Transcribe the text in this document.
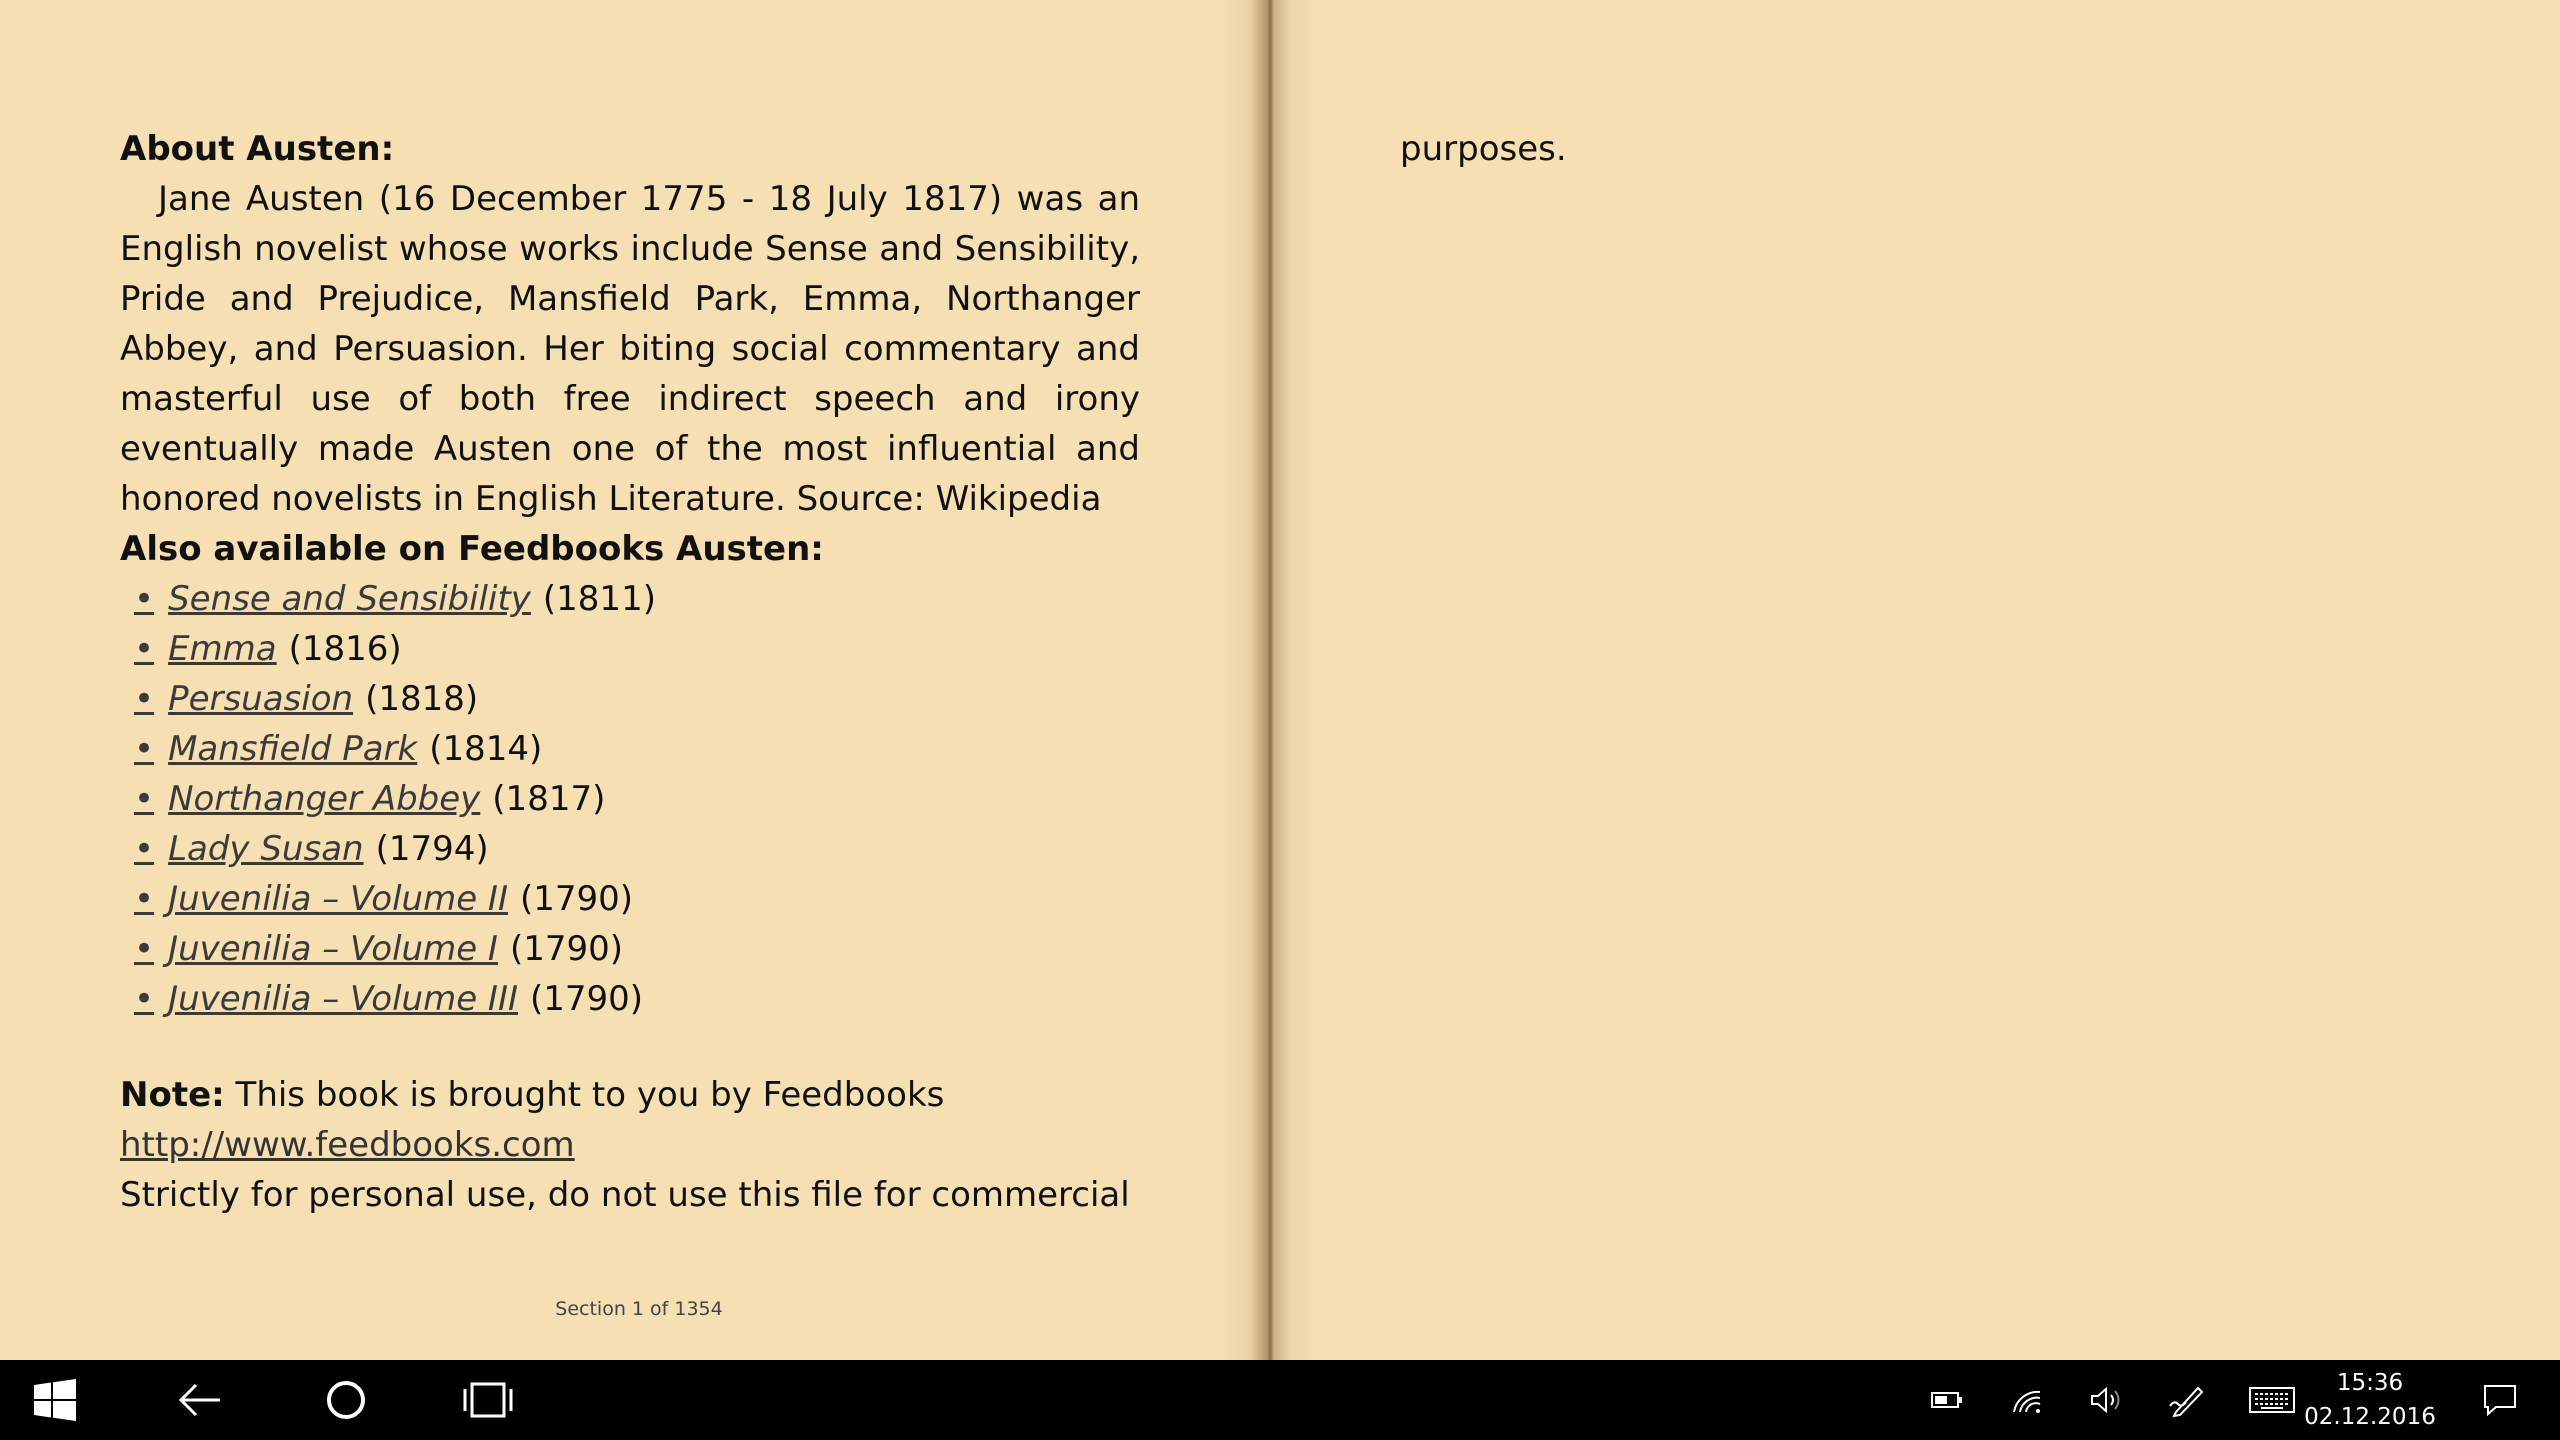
About Austen:

Jane Austen (16 December 1775 - 18 July 1817) was an English novelist whose works include Sense and Sensibility, Pride and Prejudice, Mansfield Park, Emma, Northanger Abbey, and Persuasion. Her biting social commentary and masterful use of both free indirect speech and irony eventually made Austen one of the most influential and honored novelists in English Literature. Source: Wikipedia

Also available on Feedbooks Austen:

• Sense and Sensibility (1811)
• Emma (1816)
• Persuasion (1818)
• Mansfield Park (1814)
• Northanger Abbey (1817)
• Lady Susan (1794)
• Juvenilia – Volume II (1790)
• Juvenilia – Volume I (1790)
• Juvenilia – Volume III (1790)

Note: This book is brought to you by Feedbooks

http://www.feedbooks.com

Strictly for personal use, do not use this file for commercial

Section 1 of 1354
purposes.
15:36
02.12.2016
